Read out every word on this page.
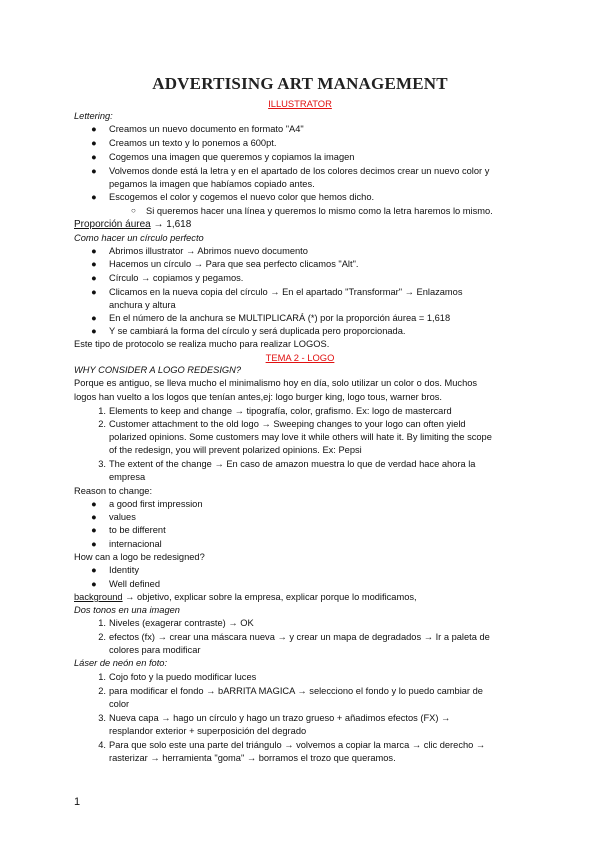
ADVERTISING ART MANAGEMENT
ILLUSTRATOR
Lettering:
● Creamos un nuevo documento en formato "A4"
● Creamos un texto y lo ponemos a 600pt.
● Cogemos una imagen que queremos y copiamos la imagen
● Volvemos donde está la letra y en el apartado de los colores decimos crear un nuevo color y
pegamos la imagen que habíamos copiado antes.
● Escogemos el color y cogemos el nuevo color que hemos dicho.
○ Si queremos hacer una línea y queremos lo mismo como la letra haremos lo mismo.
Proporción áurea → 1,618
Como hacer un círculo perfecto
● Abrimos illustrator → Abrimos nuevo documento
● Hacemos un círculo → Para que sea perfecto clicamos "Alt".
● Círculo → copiamos y pegamos.
● Clicamos en la nueva copia del círculo → En el apartado "Transformar" → Enlazamos
anchura y altura
● En el número de la anchura se MULTIPLICARÁ (*) por la proporción áurea = 1,618
● Y se cambiará la forma del círculo y será duplicada pero proporcionada.
Este tipo de protocolo se realiza mucho para realizar LOGOS.
TEMA 2 - LOGO
WHY CONSIDER A LOGO REDESIGN?
Porque es antiguo, se lleva mucho el minimalismo hoy en día, solo utilizar un color o dos. Muchos
logos han vuelto a los logos que tenían antes,ej: logo burger king, logo tous, warner bros.
1. Elements to keep and change → tipografía, color, grafismo. Ex: logo de mastercard
2. Customer attachment to the old logo → Sweeping changes to your logo can often yield
polarized opinions. Some customers may love it while others will hate it. By limiting the scope
of the redesign, you will prevent polarized opinions. Ex: Pepsi
3. The extent of the change → En caso de amazon muestra lo que de verdad hace ahora la
empresa
Reason to change:
● a good first impression
● values
● to be different
● internacional
How can a logo be redesigned?
● Identity
● Well defined
background → objetivo, explicar sobre la empresa, explicar porque lo modificamos,
Dos tonos en una imagen
1. Niveles (exagerar contraste) → OK
2. efectos (fx) → crear una máscara nueva → y crear un mapa de degradados → Ir a paleta de
colores para modificar
Láser de neón en foto:
1. Cojo foto y la puedo modificar luces
2. para modificar el fondo → bARRITA MAGICA → selecciono el fondo y lo puedo cambiar de
color
3. Nueva capa → hago un círculo y hago un trazo grueso + añadimos efectos (FX) →
resplandor exterior + superposición del degrado
4. Para que solo este una parte del triángulo → volvemos a copiar la marca → clic derecho →
rasterizar → herramienta "goma" → borramos el trozo que queramos.
1
